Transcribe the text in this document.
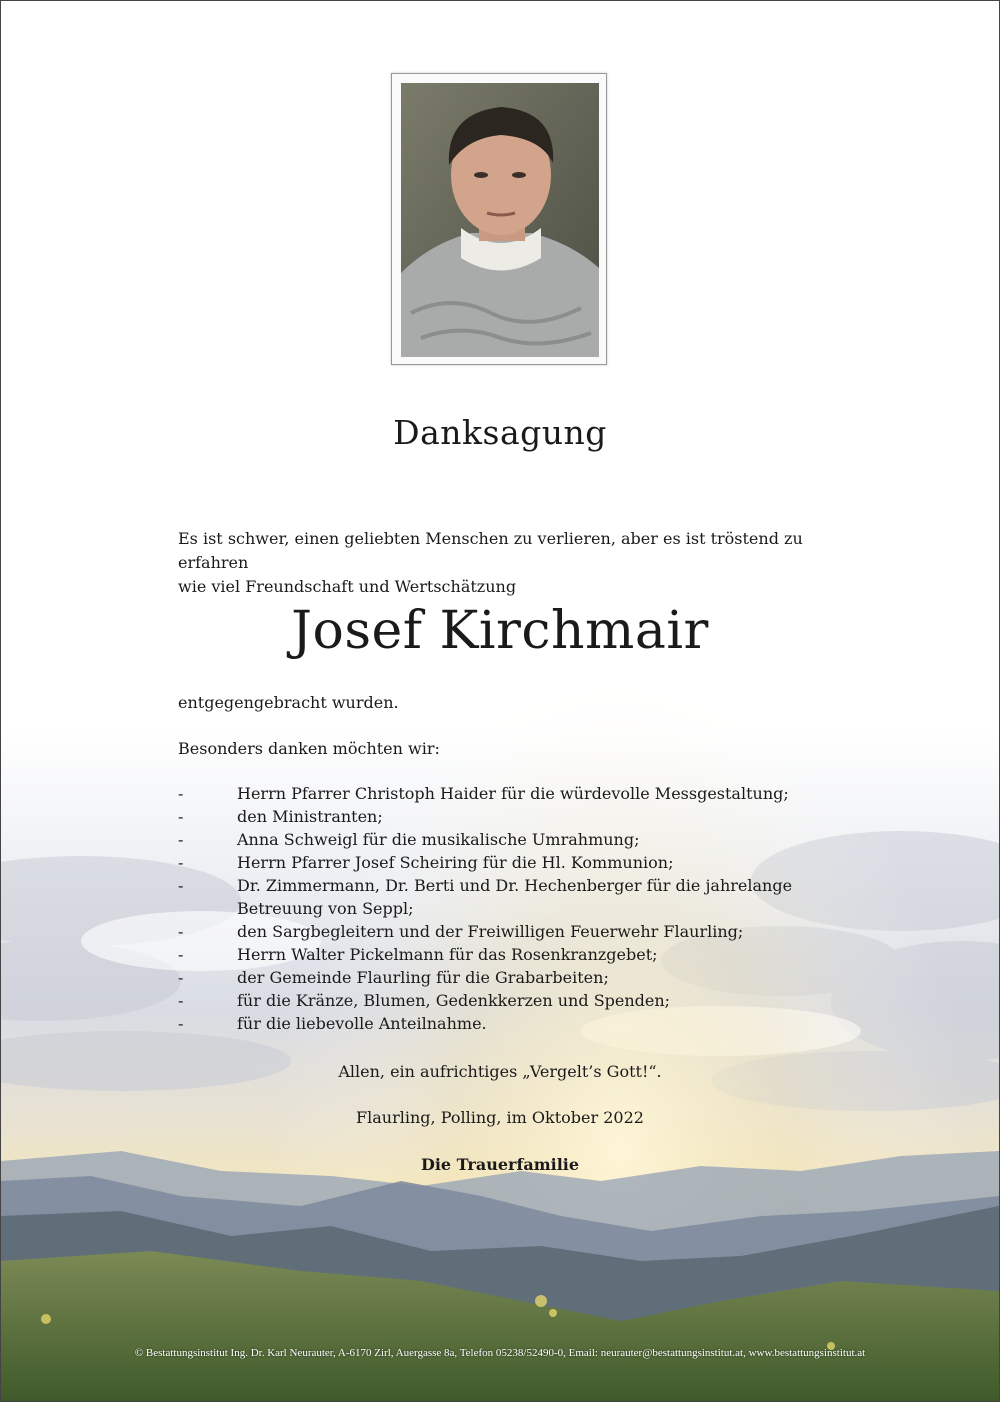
Danksagung
Es ist schwer, einen geliebten Menschen zu verlieren, aber es ist tröstend zu erfahren
wie viel Freundschaft und Wertschätzung
Josef Kirchmair
entgegengebracht wurden.
Besonders danken möchten wir:
-	Herrn Pfarrer Christoph Haider für die würdevolle Messgestaltung;
-	den Ministranten;
-	Anna Schweigl für die musikalische Umrahmung;
-	Herrn Pfarrer Josef Scheiring für die Hl. Kommunion;
-	Dr. Zimmermann, Dr. Berti und Dr. Hechenberger für die jahrelange Betreuung von Seppl;
-	den Sargbegleitern und der Freiwilligen Feuerwehr Flaurling;
-	Herrn Walter Pickelmann für das Rosenkranzgebet;
-	der Gemeinde Flaurling für die Grabarbeiten;
-	für die Kränze, Blumen, Gedenkkerzen und Spenden;
-	für die liebevolle Anteilnahme.
Allen, ein aufrichtiges „Vergelt’s Gott!“.
Flaurling, Polling, im Oktober 2022
Die Trauerfamilie
© Bestattungsinstitut Ing. Dr. Karl Neurauter, A-6170 Zirl, Auergasse 8a, Telefon 05238/52490-0, Email: neurauter@bestattungsinstitut.at, www.bestattungsinstitut.at
